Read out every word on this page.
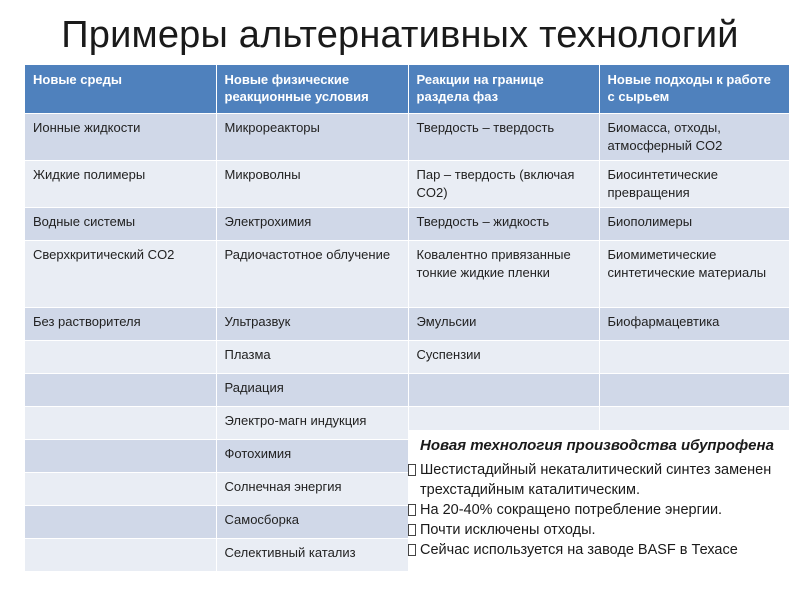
Примеры альтернативных технологий
Новые среды	Новые физические реакционные условия	Реакции на границе раздела фаз	Новые подходы к работе с сырьем
Ионные жидкости	Микрореакторы	Твердость – твердость	Биомасса, отходы, атмосферный CO2
Жидкие полимеры	Микроволны	Пар – твердость (включая CO2)	Биосинтетические превращения
Водные системы	Электрохимия	Твердость – жидкость	Биополимеры
Сверхкритический CO2	Радиочастотное облучение	Ковалентно привязанные тонкие жидкие пленки	Биомиметические синтетические материалы
Без растворителя	Ультразвук	Эмульсии	Биофармацевтика
	Плазма	Суспензии	
	Радиация		
	Электро-магн индукция		
	Фотохимия		
	Солнечная энергия		
	Самосборка		
	Селективный катализ		
Новая технология производства ибупрофена
Шестистадийный некаталитический синтез заменен трехстадийным каталитическим.
На 20-40% сокращено потребление энергии.
Почти исключены отходы.
Сейчас используется на заводе BASF в Техасе
